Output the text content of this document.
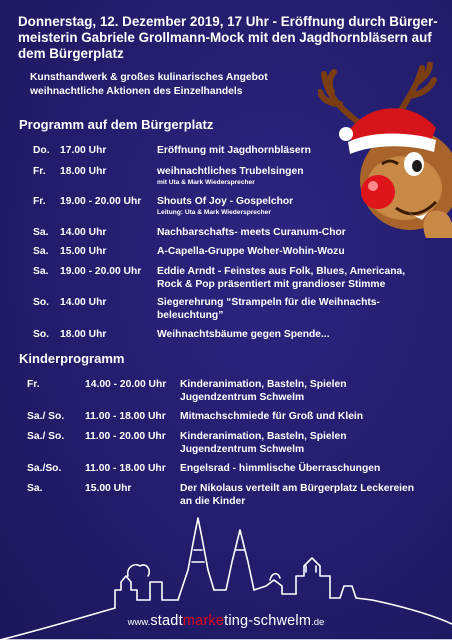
Donnerstag, 12. Dezember 2019, 17 Uhr - Eröffnung durch Bürger-
meisterin Gabriele Grollmann-Mock mit den Jagdhornbläsern auf
dem Bürgerplatz
Kunsthandwerk & großes kulinarisches Angebot
weihnachtliche Aktionen des Einzelhandels
Programm auf dem Bürgerplatz
Do. 17.00 Uhr	Eröffnung mit Jagdhornbläsern
Fr. 18.00 Uhr	weihnachtliches Trubelsingen
mit Uta & Mark Wiedersprecher
Fr. 19.00 - 20.00 Uhr Shouts Of Joy - Gospelchor
Leitung: Uta & Mark Wiedersprecher
Sa. 14.00 Uhr	Nachbarschafts- meets Curanum-Chor
Sa. 15.00 Uhr	A-Capella-Gruppe Woher-Wohin-Wozu
Sa. 19.00 - 20.00 Uhr Eddie Arndt - Feinstes aus Folk, Blues, Americana,
Rock & Pop präsentiert mit grandioser Stimme
So. 14.00 Uhr	Siegerehrung “Strampeln für die Weihnachts-
beleuchtung”
So. 18.00 Uhr	Weihnachtsbäume gegen Spende...
Kinderprogramm
Fr.	14.00 - 20.00 Uhr Kinderanimation, Basteln, Spielen
Jugendzentrum Schwelm
Sa./ So. 11.00 - 18.00 Uhr Mitmachschmiede für Groß und Klein
Sa./ So. 11.00 - 20.00 Uhr Kinderanimation, Basteln, Spielen
Jugendzentrum Schwelm
Sa./So. 11.00 - 18.00 Uhr Engelsrad - himmlische Überraschungen
Sa.	15.00 Uhr	Der Nikolaus verteilt am Bürgerplatz Leckereien
an die Kinder
www.stadtmarketing-schwelm.de
